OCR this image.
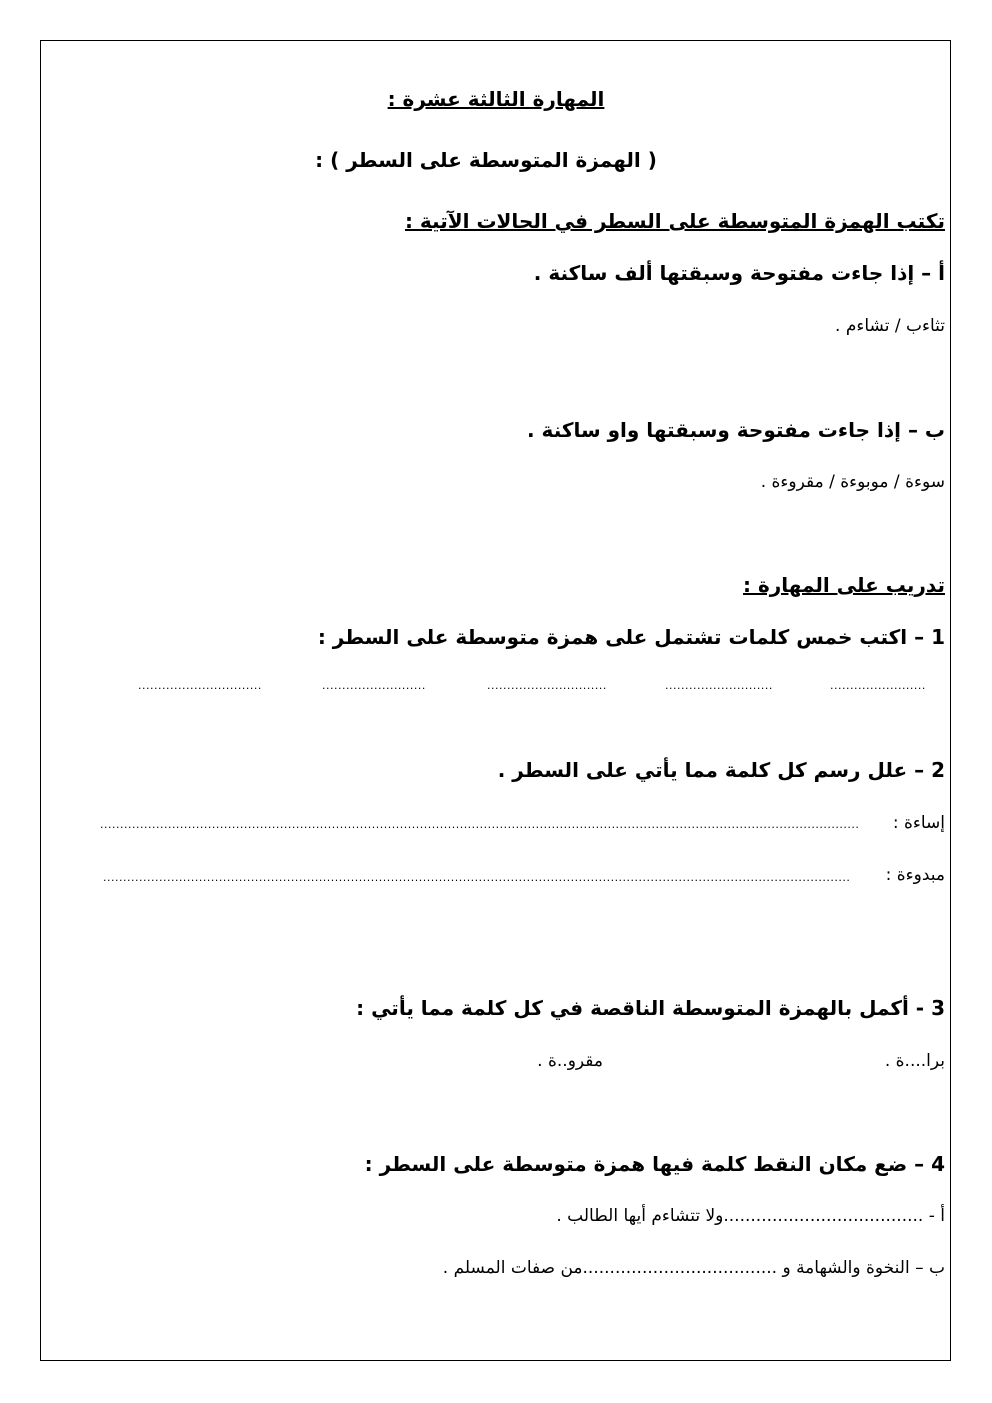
المهارة الثالثة عشرة :
( الهمزة المتوسطة على السطر ) :
تكتب الهمزة المتوسطة على السطر في الحالات الآتية :
أ – إذا جاءت مفتوحة وسبقتها ألف ساكنة .
تثاءب / تشاءم .
ب – إذا جاءت مفتوحة وسبقتها واو ساكنة .
سوءة / موبوءة / مقروءة .
تدريب على المهارة :
1 – اكتب خمس كلمات تشتمل على همزة متوسطة على السطر :
........................
...........................
..............................
..........................
...............................
2 – علل رسم كل كلمة مما يأتي على السطر .
إساءة :
..............................................................................................................................................................................................
مبدوءة :
...........................................................................................................................................................................................
3 - أكمل بالهمزة المتوسطة الناقصة في كل كلمة مما يأتي :
برا....ة .
مقرو..ة .
4 – ضع مكان النقط كلمة فيها همزة متوسطة على السطر :
أ - .....................................ولا تتشاءم أيها الطالب .
ب – النخوة والشهامة و ....................................من صفات المسلم .
